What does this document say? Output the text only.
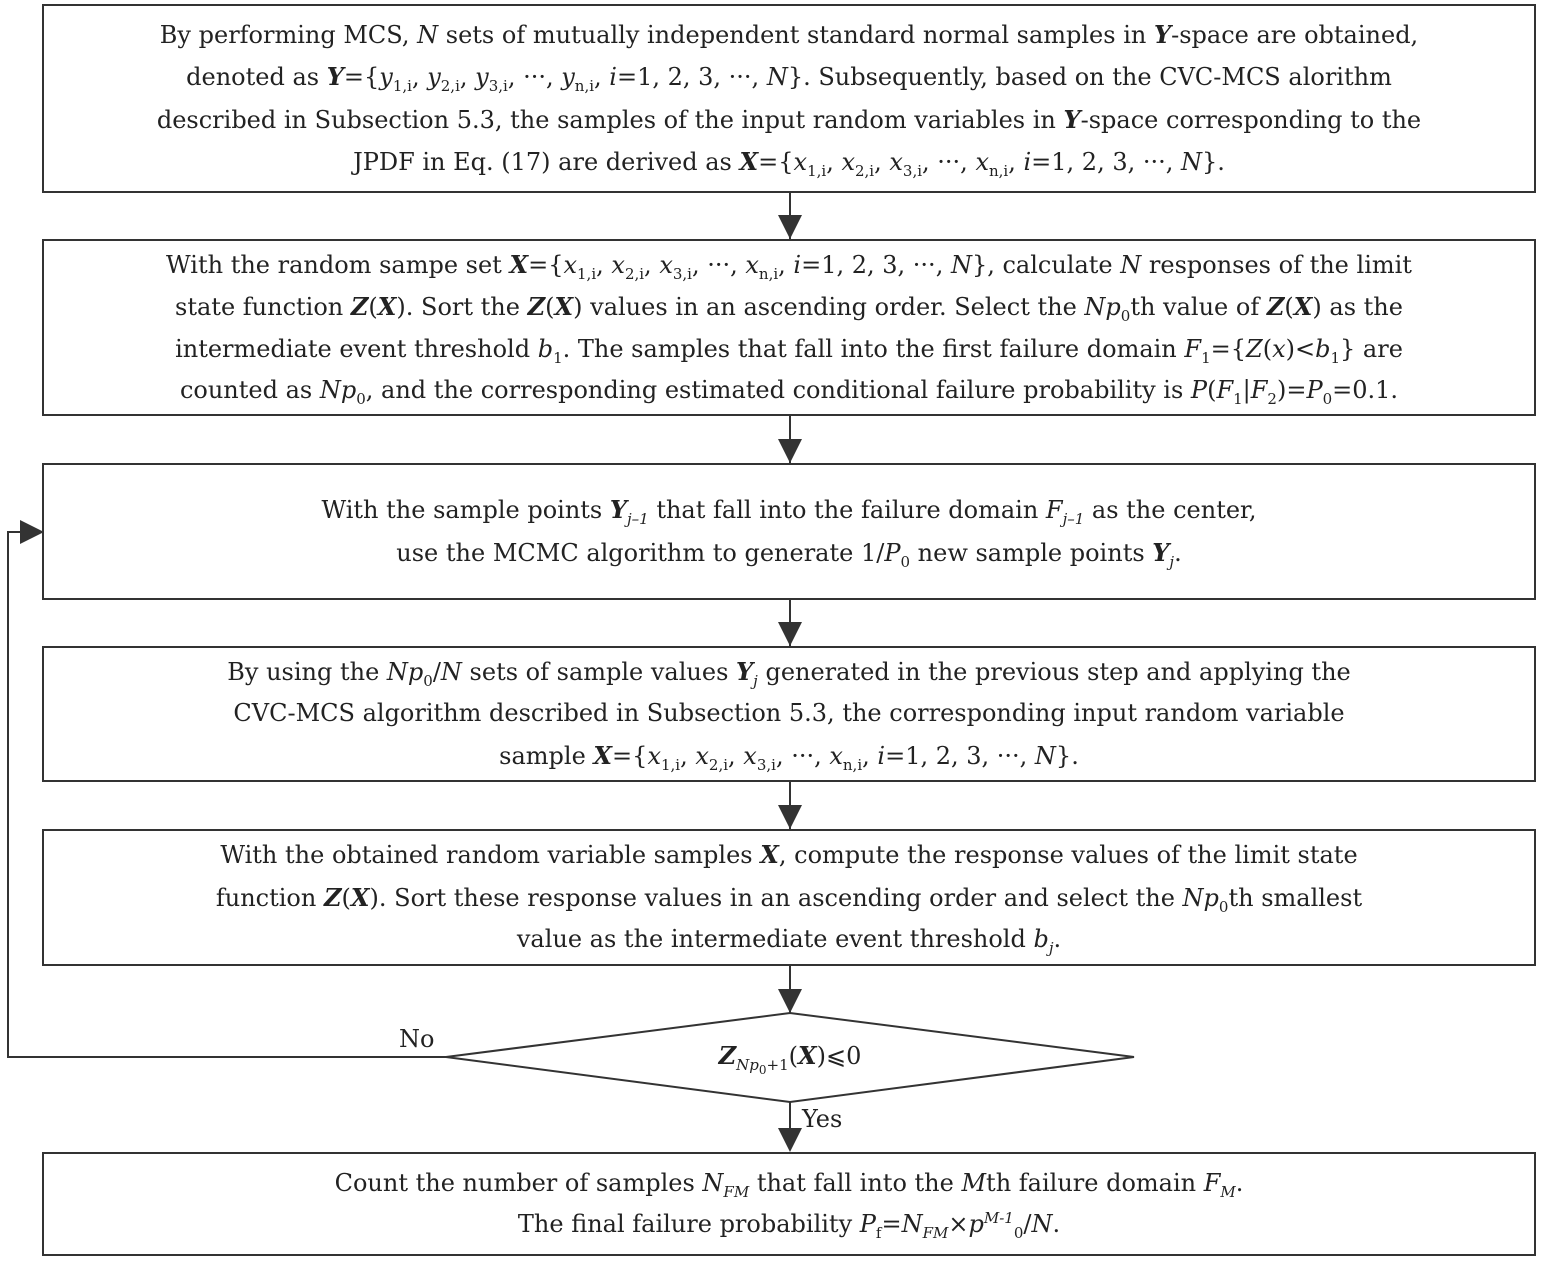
By performing MCS, N sets of mutually independent standard normal samples in Y-space are obtained,
denoted as $Y=\{y_{1,i}$, $y_{2,i}$, $y_{3,i}$, ···, $y_{n,i}$, i=1, 2, 3, ···, N}. Subsequently, based on the CVC-MCS alorithm
described in Subsection 5.3, the samples of the input random variables in Y-space corresponding to the
JPDF in Eq. (17) are derived as $X=\{x_{1,i}$, $x_{2,i}$, $x_{3,i}$, ···, $x_{n,i}$, i=1, 2, 3, ···, N}.
With the random sampe set $X=\{x_{1,i}$, $x_{2,i}$, $x_{3,i}$, ···, $x_{n,i}$, i=1, 2, 3, ···, N}, calculate N responses of the limit
state function Z(X). Sort the Z(X) values in an ascending order. Select the $Np_0th$ value of Z(X) as the
intermediate event threshold $b_1$. The samples that fall into the first failure domain $F_1=\{Z(x)<b_1\}$ are
counted as $Np_0$, and the corresponding estimated conditional failure probability is $P(F_1|F_2)=P_0=0.1$.
With the sample points $Y_{j-1}$ that fall into the failure domain $F_{j-1}$ as the center,
use the MCMC algorithm to generate $1/P_0$ new sample points $Y_j$.
By using the $Np_0/N$ sets of sample values $Y_j$ generated in the previous step and applying the
CVC-MCS algorithm described in Subsection 5.3, the corresponding input random variable
sample $X=\{x_{1,i}$, $x_{2,i}$, $x_{3,i}$, ···, $x_{n,i}$, i=1, 2, 3, ···, N}.
With the obtained random variable samples X, compute the response values of the limit state
function Z(X). Sort these response values in an ascending order and select the $Np_0th$ smallest
value as the intermediate event threshold $b_j$.
$Z_{Np_0+1}(X)⩽0$
No
Yes
Count the number of samples $N_{FM}$ that fall into the Mth failure domain $F_M$.
The final failure probability $P_f=N_{FM}\times p^{M-1}_0/N$.
